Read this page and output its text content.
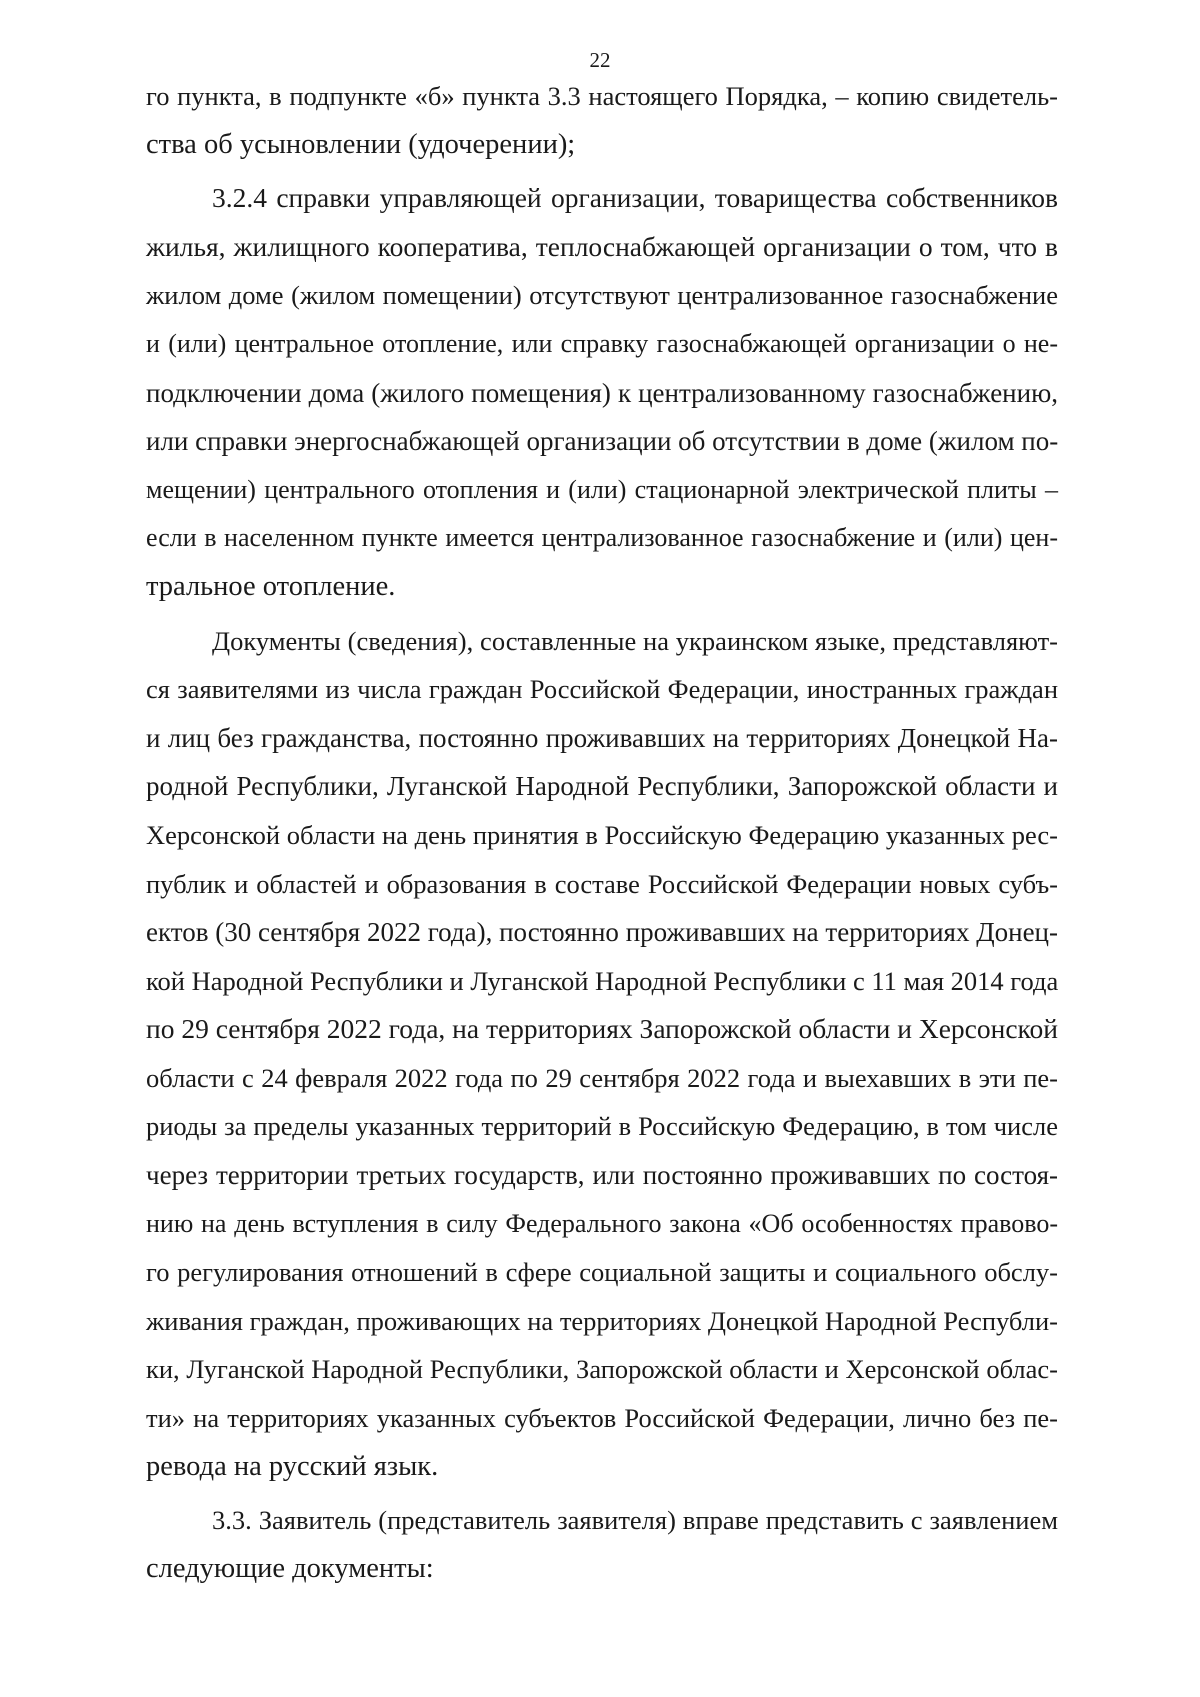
22
го пункта, в подпункте «б» пункта 3.3 настоящего Порядка, – копию свидетель-
ства об усыновлении (удочерении);
3.2.4 справки управляющей организации, товарищества собственников
жилья, жилищного кооператива, теплоснабжающей организации о том, что в
жилом доме (жилом помещении) отсутствуют централизованное газоснабжение
и (или) центральное отопление, или справку газоснабжающей организации о не-
подключении дома (жилого помещения) к централизованному газоснабжению,
или справки энергоснабжающей организации об отсутствии в доме (жилом по-
мещении) центрального отопления и (или) стационарной электрической плиты –
если в населенном пункте имеется централизованное газоснабжение и (или) цен-
тральное отопление.
Документы (сведения), составленные на украинском языке, представляют-
ся заявителями из числа граждан Российской Федерации, иностранных граждан
и лиц без гражданства, постоянно проживавших на территориях Донецкой На-
родной Республики, Луганской Народной Республики, Запорожской области и
Херсонской области на день принятия в Российскую Федерацию указанных рес-
публик и областей и образования в составе Российской Федерации новых субъ-
ектов (30 сентября 2022 года), постоянно проживавших на территориях Донец-
кой Народной Республики и Луганской Народной Республики с 11 мая 2014 года
по 29 сентября 2022 года, на территориях Запорожской области и Херсонской
области с 24 февраля 2022 года по 29 сентября 2022 года и выехавших в эти пе-
риоды за пределы указанных территорий в Российскую Федерацию, в том числе
через территории третьих государств, или постоянно проживавших по состоя-
нию на день вступления в силу Федерального закона «Об особенностях правово-
го регулирования отношений в сфере социальной защиты и социального обслу-
живания граждан, проживающих на территориях Донецкой Народной Республи-
ки, Луганской Народной Республики, Запорожской области и Херсонской облас-
ти» на территориях указанных субъектов Российской Федерации, лично без пе-
ревода на русский язык.
3.3. Заявитель (представитель заявителя) вправе представить с заявлением
следующие документы:
